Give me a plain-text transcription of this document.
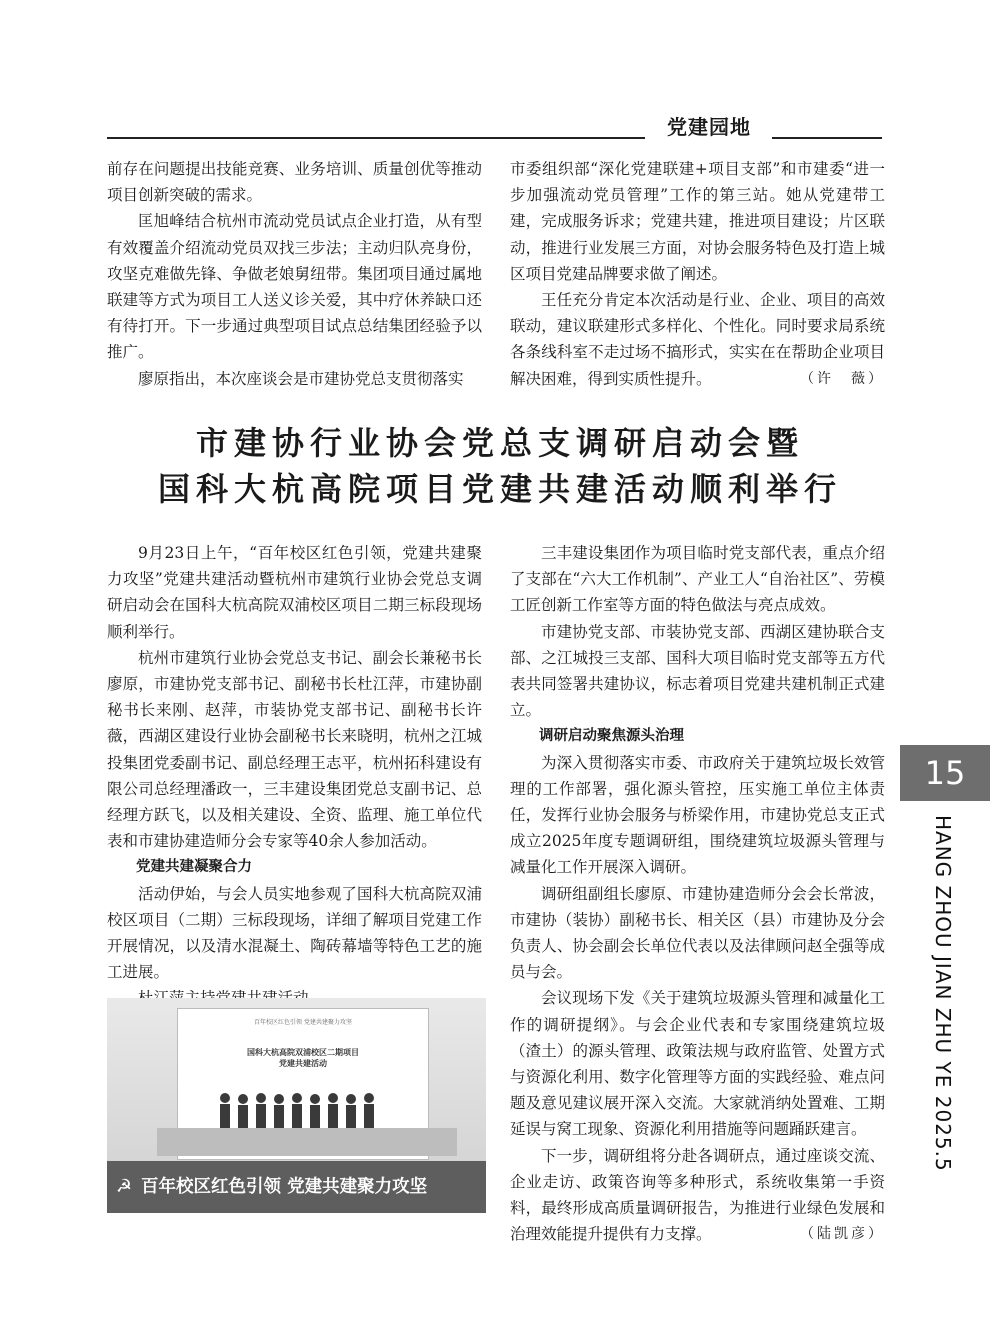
党建园地

前存在问题提出技能竞赛、业务培训、质量创优等推动项目创新突破的需求。

匡旭峰结合杭州市流动党员试点企业打造，从有型有效覆盖介绍流动党员双找三步法；主动归队亮身份，攻坚克难做先锋、争做老娘舅纽带。集团项目通过属地联建等方式为项目工人送义诊关爱，其中疗休养缺口还有待打开。下一步通过典型项目试点总结集团经验予以推广。

廖原指出，本次座谈会是市建协党总支贯彻落实

市委组织部“深化党建联建+项目支部”和市建委“进一步加强流动党员管理”工作的第三站。她从党建带工建，完成服务诉求；党建共建，推进项目建设；片区联动，推进行业发展三方面，对协会服务特色及打造上城区项目党建品牌要求做了阐述。

王任充分肯定本次活动是行业、企业、项目的高效联动，建议联建形式多样化、个性化。同时要求局系统各条线科室不走过场不搞形式，实实在在帮助企业项目解决困难，得到实质性提升。	（许　薇）

市建协行业协会党总支调研启动会暨
国科大杭高院项目党建共建活动顺利举行

9月23日上午，“百年校区红色引领，党建共建聚力攻坚”党建共建活动暨杭州市建筑行业协会党总支调研启动会在国科大杭高院双浦校区项目二期三标段现场顺利举行。

杭州市建筑行业协会党总支书记、副会长兼秘书长廖原，市建协党支部书记、副秘书长杜江萍，市建协副秘书长来刚、赵萍，市装协党支部书记、副秘书长许薇，西湖区建设行业协会副秘书长来晓明，杭州之江城投集团党委副书记、副总经理王志平，杭州拓科建设有限公司总经理潘政一，三丰建设集团党总支副书记、总经理方跃飞，以及相关建设、全资、监理、施工单位代表和市建协建造师分会专家等40余人参加活动。

党建共建凝聚合力

活动伊始，与会人员实地参观了国科大杭高院双浦校区项目（二期）三标段现场，详细了解项目党建工作开展情况，以及清水混凝土、陶砖幕墙等特色工艺的施工进展。

百年校区红色引领 党建共建聚力攻坚
国科大杭高院双浦校区二期项目
党建共建活动
☭ 百年校区红色引领 党建共建聚力攻坚

三丰建设集团作为项目临时党支部代表，重点介绍了支部在“六大工作机制”、产业工人“自治社区”、劳模工匠创新工作室等方面的特色做法与亮点成效。

市建协党支部、市装协党支部、西湖区建协联合支部、之江城投三支部、国科大项目临时党支部等五方代表共同签署共建协议，标志着项目党建共建机制正式建立。

调研启动聚焦源头治理

为深入贯彻落实市委、市政府关于建筑垃圾长效管理的工作部署，强化源头管控，压实施工单位主体责任，发挥行业协会服务与桥梁作用，市建协党总支正式成立2025年度专题调研组，围绕建筑垃圾源头管理与减量化工作开展深入调研。

调研组副组长廖原、市建协建造师分会会长常波，市建协（装协）副秘书长、相关区（县）市建协及分会负责人、协会副会长单位代表以及法律顾问赵全强等成员与会。

会议现场下发《关于建筑垃圾源头管理和减量化工作的调研提纲》。与会企业代表和专家围绕建筑垃圾（渣土）的源头管理、政策法规与政府监管、处置方式与资源化利用、数字化管理等方面的实践经验、难点问题及意见建议展开深入交流。大家就消纳处置难、工期延误与窝工现象、资源化利用措施等问题踊跃建言。

下一步，调研组将分赴各调研点，通过座谈交流、企业走访、政策咨询等多种形式，系统收集第一手资料，最终形成高质量调研报告，为推进行业绿色发展和治理效能提升提供有力支撑。	（陆凯彦）

15
HANG ZHOU JIAN ZHU YE 2025.5
